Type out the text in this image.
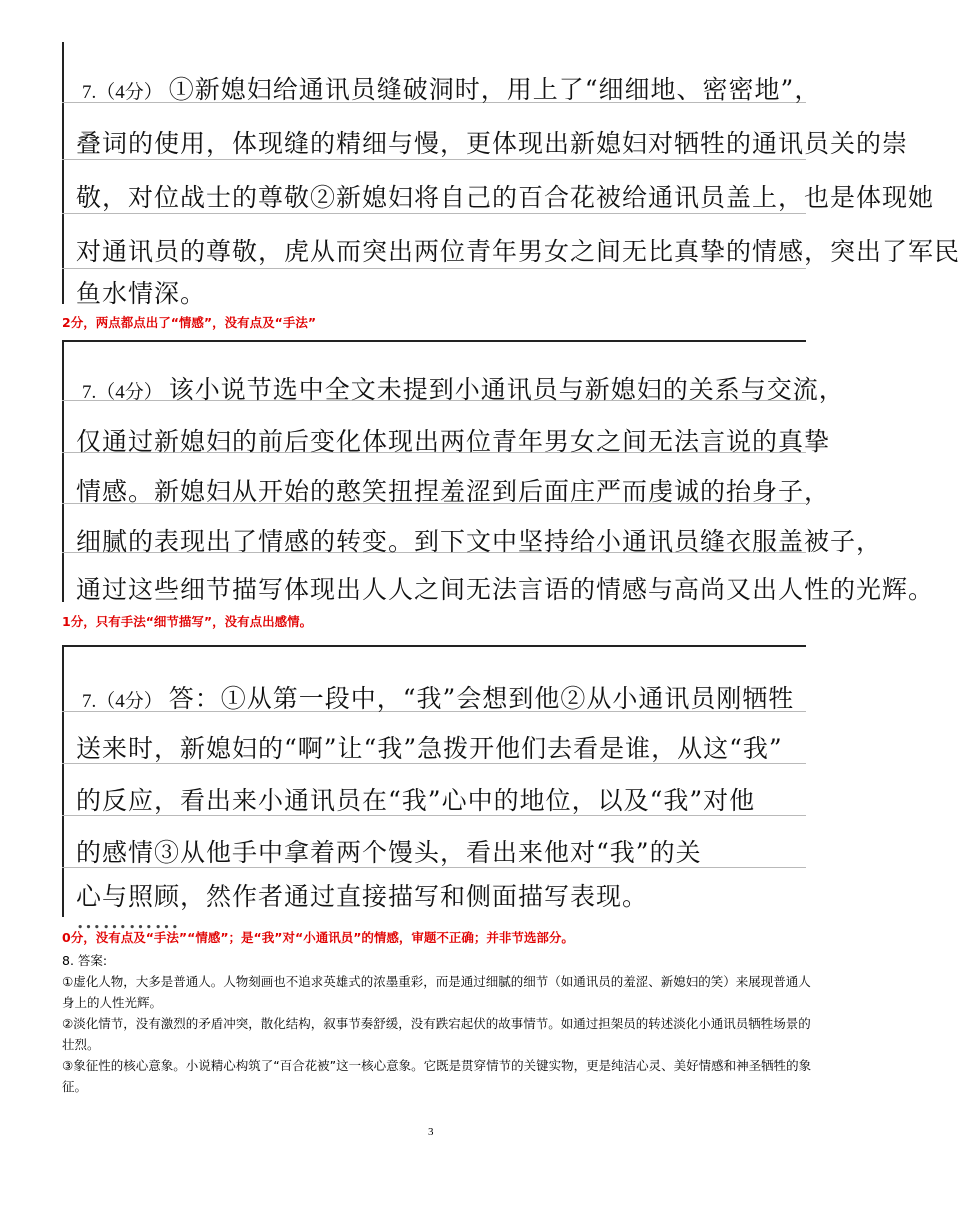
7.（4分） ①新媳妇给通讯员缝破洞时，用上了“细细地、密密地”，
叠词的使用，体现缝的精细与慢，更体现出新媳妇对牺牲的通讯员关的崇
敬，对位战士的尊敬②新媳妇将自己的百合花被给通讯员盖上，也是体现她
对通讯员的尊敬，虎从而突出两位青年男女之间无比真挚的情感，突出了军民
鱼水情深。
2分，两点都点出了“情感”，没有点及“手法”
7.（4分） 该小说节选中全文未提到小通讯员与新媳妇的关系与交流，
仅通过新媳妇的前后变化体现出两位青年男女之间无法言说的真挚
情感。新媳妇从开始的憨笑扭捏羞涩到后面庄严而虔诚的抬身子，
细腻的表现出了情感的转变。到下文中坚持给小通讯员缝衣服盖被子，
通过这些细节描写体现出人人之间无法言语的情感与高尚又出人性的光辉。
1分，只有手法“细节描写”，没有点出感情。
7.（4分） 答：①从第一段中，“我”会想到他②从小通讯员刚牺牲
送来时，新媳妇的“啊”让“我”急拨开他们去看是谁，从这“我”
的反应，看出来小通讯员在“我”心中的地位，以及“我”对他
的感情③从他手中拿着两个馒头，看出来他对“我”的关
心与照顾，然作者通过直接描写和侧面描写表现。
…………
0分，没有点及“手法”“情感”；是“我”对“小通讯员”的情感，审题不正确；并非节选部分。

8. 答案:

①虚化人物，大多是普通人。人物刻画也不追求英雄式的浓墨重彩，而是通过细腻的细节（如通讯员的羞涩、新媳妇的笑）来展现普通人身上的人性光辉。

②淡化情节，没有激烈的矛盾冲突，散化结构，叙事节奏舒缓，没有跌宕起伏的故事情节。如通过担架员的转述淡化小通讯员牺牲场景的壮烈。

③象征性的核心意象。小说精心构筑了“百合花被”这一核心意象。它既是贯穿情节的关键实物，更是纯洁心灵、美好情感和神圣牺牲的象征。

3
